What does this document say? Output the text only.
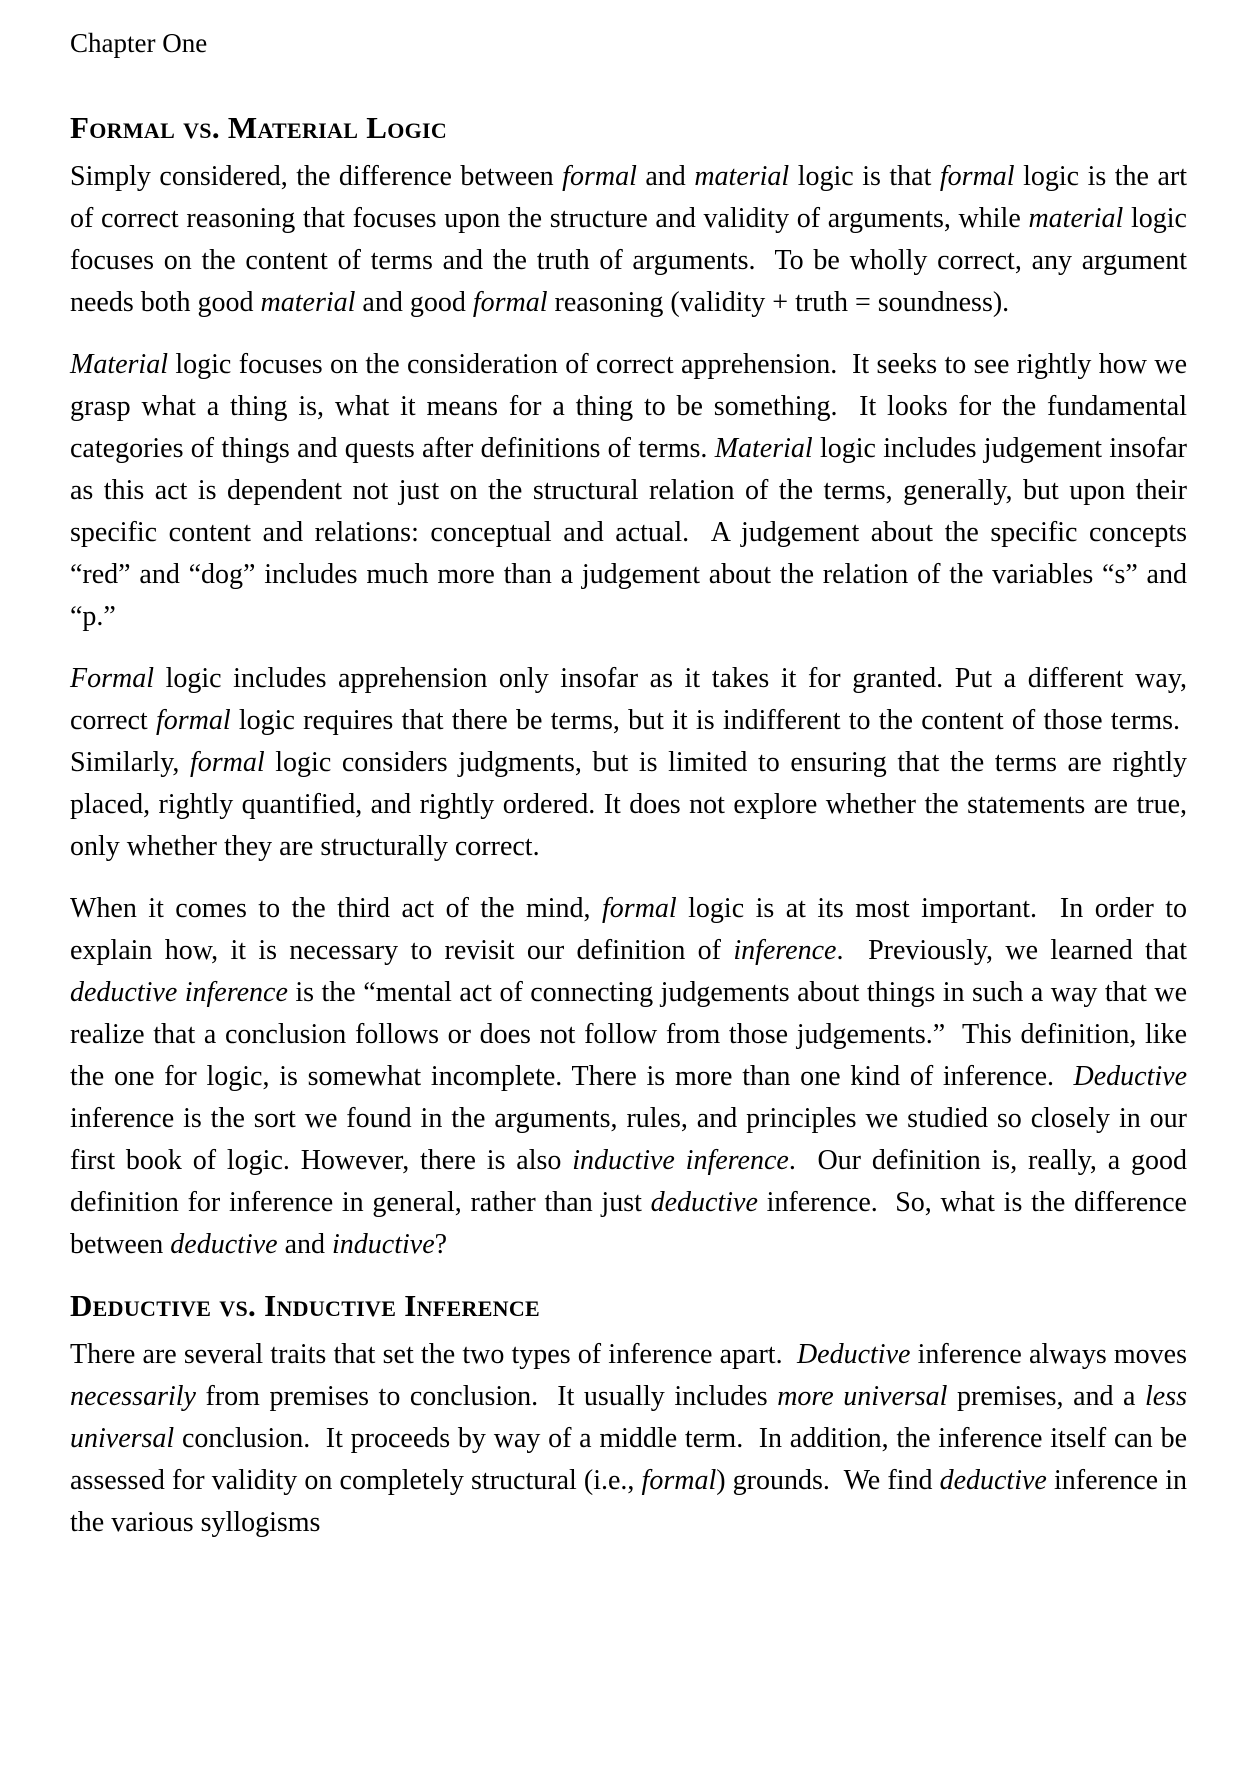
Chapter One
Formal vs. Material Logic

Simply considered, the difference between formal and material logic is that formal logic is the art of correct reasoning that focuses upon the structure and validity of arguments, while material logic focuses on the content of terms and the truth of arguments.  To be wholly correct, any argument needs both good material and good formal reasoning (validity + truth = soundness).

Material logic focuses on the consideration of correct apprehension.  It seeks to see rightly how we grasp what a thing is, what it means for a thing to be something.  It looks for the fundamental categories of things and quests after definitions of terms. Material logic includes judgement insofar as this act is dependent not just on the structural relation of the terms, generally, but upon their specific content and relations: conceptual and actual.  A judgement about the specific concepts “red” and “dog” includes much more than a judgement about the relation of the variables “s” and “p.”

Formal logic includes apprehension only insofar as it takes it for granted. Put a different way, correct formal logic requires that there be terms, but it is indifferent to the content of those terms.  Similarly, formal logic considers judgments, but is limited to ensuring that the terms are rightly placed, rightly quantified, and rightly ordered. It does not explore whether the statements are true, only whether they are structurally correct.

When it comes to the third act of the mind, formal logic is at its most important.  In order to explain how, it is necessary to revisit our definition of inference.  Previously, we learned that deductive inference is the “mental act of connecting judgements about things in such a way that we realize that a conclusion follows or does not follow from those judgements.”  This definition, like the one for logic, is somewhat incomplete. There is more than one kind of inference.  Deductive inference is the sort we found in the arguments, rules, and principles we studied so closely in our first book of logic. However, there is also inductive inference.  Our definition is, really, a good definition for inference in general, rather than just deductive inference.  So, what is the difference between deductive and inductive?

Deductive vs. Inductive Inference

There are several traits that set the two types of inference apart.  Deductive inference always moves necessarily from premises to conclusion.  It usually includes more universal premises, and a less universal conclusion.  It proceeds by way of a middle term.  In addition, the inference itself can be assessed for validity on completely structural (i.e., formal) grounds.  We find deductive inference in the various syllogisms
